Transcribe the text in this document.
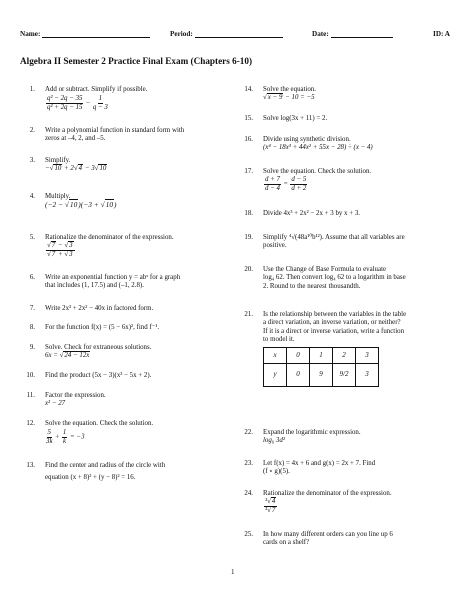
Name:	Period:	Date:	ID: A
Algebra II Semester 2 Practice Final Exam (Chapters 6-10)
1. Add or subtract. Simplify if possible.
$\frac{\text{q² − 2q − 35}}{\text{q² + 2q − 15}} - \frac{1}{q - 3}$
2. Write a polynomial function in standard form with
zeros at –4, 2, and –5.
3. Simplify.
−√10 + 2√4 − 3√10
4. Multiply.
(−2 − √10)(−3 + √10)
5. Rationalize the denominator of the expression.
$\frac{√7 - √3}{√7 + √3}$
6. Write an exponential function y = abˣ for a graph
that includes (1, 17.5) and (–1, 2.8).
7. Write 2x³ + 2x² − 40x in factored form.
8. For the function f(x) = (5 − 6x)², find f⁻¹.
9. Solve. Check for extraneous solutions.
6x = √24 − 12x
10. Find the product (5x − 3)(x³ − 5x + 2).
11. Factor the expression.
x³ − 27
12. Solve the equation. Check the solution.
$\frac{5}{3k} + \frac{1}{k} = -3$
13. Find the center and radius of the circle with
equation (x + 8)² + (y − 8)² = 16.
14. Solve the equation.
√x − 9 − 10 = −5
15. Solve log(3x + 11) = 2.
16. Divide using synthetic division.
(x⁴ − 18x³ + 44x² + 55x − 28) ÷ (x − 4)
17. Solve the equation. Check the solution.
$\frac{d + 7}{d - 4} = \frac{d - 5}{d + 2}$
18. Divide 4x³ + 2x² − 2x + 3 by x + 3.
19. Simplify ⁴√(48a¹⁰b¹²). Assume that all variables are
positive.
20. Use the Change of Base Formula to evaluate
log₄ 62. Then convert log₄ 62 to a logarithm in base
2. Round to the nearest thousandth.
21. Is the relationship between the variables in the table
a direct variation, an inverse variation, or neither?
If it is a direct or inverse variation, write a function
to model it.
x	0	1	2	3
y	0	9	9/2	3
22. Expand the logarithmic expression.
log₆ 3d²
23. Let f(x) = 4x + 6 and g(x) = 2x + 7. Find
(f ∘ g)(5).
24. Rationalize the denominator of the expression.
$\frac{\text{³√4}}{\text{³√7}}$
25. In how many different orders can you line up 6
cards on a shelf?
1
